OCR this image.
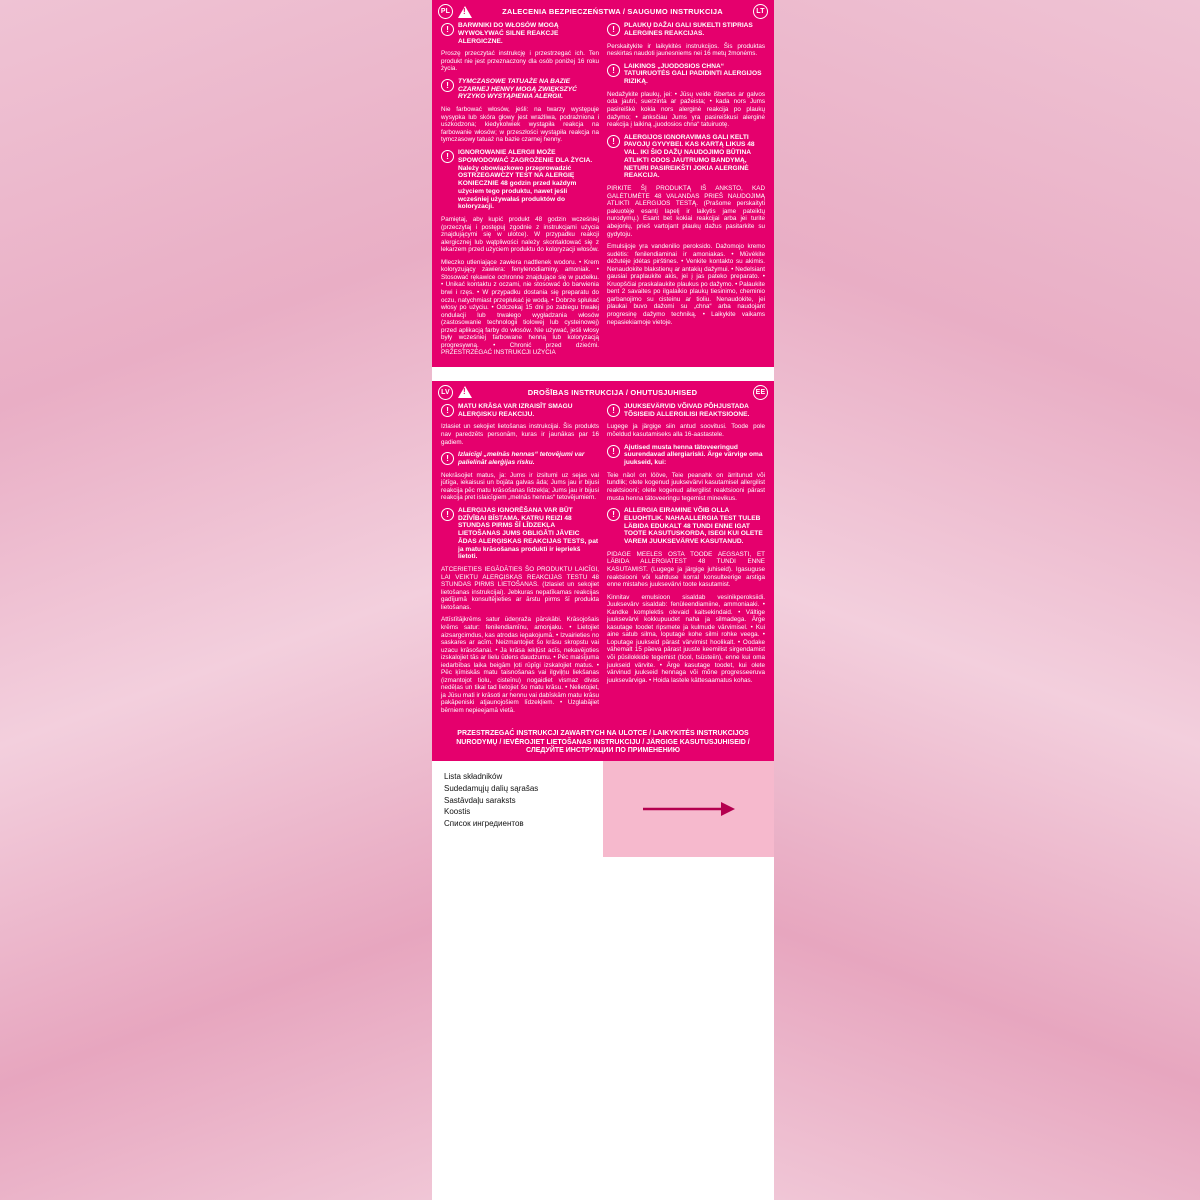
PL !	ZALECENIA BEZPIECZEŃSTWA / SAUGUMO INSTRUKCIJA	LT
!	BARWNIKI DO WŁOSÓW MOGĄ WYWOŁYWAĆ SILNE REAKCJE ALERGICZNE.
Proszę przeczytać instrukcję i przestrzegać ich. Ten produkt nie jest przeznaczony dla osób poniżej 16 roku życia.
!	TYMCZASOWE TATUAŻE NA BAZIE CZARNEJ HENNY MOGĄ ZWIĘKSZYĆ RYZYKO WYSTĄPIENIA ALERGII.
Nie farbować włosów, jeśli: na twarzy występuje wysypka lub skóra głowy jest wrażliwa, podrażniona i uszkodzona; kiedykolwiek wystąpiła reakcja na farbowanie włosów; w przeszłości wystąpiła reakcja na tymczasowy tatuaż na bazie czarnej henny.
!	IGNOROWANIE ALERGII MOŻE SPOWODOWAĆ ZAGROŻENIE DLA ŻYCIA. Należy obowiązkowo przeprowadzić OSTRZEGAWCZY TEST NA ALERGIĘ KONIECZNIE 48 godzin przed każdym użyciem tego produktu, nawet jeśli wcześniej używałaś produktów do koloryzacji.
Pamiętaj, aby kupić produkt 48 godzin wcześniej (przeczytaj i postępuj zgodnie z instrukcjami użycia znajdującymi się w ulotce). W przypadku reakcji alergicznej lub wątpliwości należy skontaktować się z lekarzem przed użyciem produktu do koloryzacji włosów.
Mleczko utleniające zawiera nadtlenek wodoru. • Krem koloryzujący zawiera: fenylenodiaminy, amoniak. • Stosować rękawice ochronne znajdujące się w pudełku. • Unikać kontaktu z oczami, nie stosować do barwienia brwi i rzęs. • W przypadku dostania się preparatu do oczu, natychmiast przepłukać je wodą. • Dobrze spłukać włosy po użyciu. • Odczekaj 15 dni po zabiegu trwałej ondulacji lub trwałego wygładzania włosów (zastosowanie technologii tiolowej lub cysteinowej) przed aplikacją farby do włosów. Nie używać, jeśli włosy były wcześniej farbowane henną lub koloryzacją progresywną. • Chronić przed dziećmi. PRZESTRZEGAĆ INSTRUKCJI UŻYCIA
!	PLAUKŲ DAŽAI GALI SUKELTI STIPRIAS ALERGINES REAKCIJAS.
Perskaitykite ir laikykitės instrukcijos. Šis produktas neskirtas naudoti jaunesniems nei 16 metų žmonėms.
!	LAIKINOS „JUODOSIOS CHNA“ TATUIRUOTĖS GALI PADIDINTI ALERGIJOS RIZIKĄ.
Nedažykite plaukų, jei: • Jūsų veide išbertas ar galvos oda jautri, suerzinta ar pažeista; • kada nors Jums pasireiškė kokia nors alerginė reakcija po plaukų dažymo; • anksčiau Jums yra pasireiškusi alerginė reakcija į laikiną „juodosios chna“ tatuiruotę.
!	ALERGIJOS IGNORAVIMAS GALI KELTI PAVOJŲ GYVYBEI. KAS KARTĄ LIKUS 48 VAL. IKI ŠIO DAŽŲ NAUDOJIMO BŪTINA ATLIKTI ODOS JAUTRUMO BANDYMĄ, NETURI PASIREIKŠTI JOKIA ALERGINĖ REAKCIJA.
PIRKITE ŠĮ PRODUKTĄ IŠ ANKSTO, KAD GALĖTUMĖTE 48 VALANDAS PRIEŠ NAUDOJIMĄ ATLIKTI ALERGIJOS TESTĄ. (Prašome perskaityti pakuotėje esantį lapelį ir laikytis jame pateiktų nurodymų.) Esant bet kokiai reakcijai arba jei turite abejonių, prieš vartojant plaukų dažus pasitarkite su gydytoju.
Emulsijoje yra vandenilio peroksido. Dažomojo kremo sudėtis: fenilendiaminai ir amoniakas. • Mūvėkite dėžutėje įdėtas pirštines. • Venkite kontakto su akimis. Nenaudokite blakstienų ar antakių dažymui. • Nedelsiant gausiai praplaukite akis, jei į jas pateko preparato. • Kruopščiai praskalaukite plaukus po dažymo. • Palaukite bent 2 savaites po ilgalaikio plaukų tiesinimo, cheminio garbanojimo su cisteinu ar tioliu. Nenaudokite, jei plaukai buvo dažomi su „chna“ arba naudojant progresinę dažymo techniką. • Laikykite vaikams nepasiekiamoje vietoje.
LV !	DROŠĪBAS INSTRUKCIJA / OHUTUSJUHISED	EE
!	MATU KRĀSA VAR IZRAISĪT SMAGU ALERĢISKU REAKCIJU.
Izlasiet un sekojiet lietošanas instrukcijai. Šis produkts nav paredzēts personām, kuras ir jaunākas par 16 gadiem.
!	Izlaicīgi „melnās hennas“ tetovējumi var palielināt alerģijas risku.
Nekrāsojiet matus, ja: Jums ir izsitumi uz sejas vai jūtīga, iekaisusi un bojāta galvas āda; Jums jau ir bijusi reakcija pēc matu krāsošanas līdzekļa; Jums jau ir bijusi reakcija pret islaicīgiem „melnās hennas“ tetovējumiem.
!	ALERĢIJAS IGNORĒŠANA VAR BŪT DZĪVĪBAI BĪSTAMA. KATRU REIZI 48 STUNDAS PIRMS ŠĪ LĪDZEKĻA LIETOŠANAS JUMS OBLIGĀTI JĀVEIC ĀDAS ALERĢISKAS REAKCIJAS TESTS, pat ja matu krāsošanas produkti ir iepriekš lietoti.
ATCERIETIES IEGĀDĀTIES ŠO PRODUKTU LAICĪGI, LAI VEIKTU ALERĢISKAS REAKCIJAS TESTU 48 STUNDAS PIRMS LIETOŠANAS. (Izlasiet un sekojiet lietošanas instrukcijai). Jebkuras nepatīkamas reakcijas gadījumā konsultējieties ar ārstu pirms šī produkta lietošanas.
Attīstītājkrēms satur ūdeņraža pārskābi. Krāsojošais krēms satur: fenilendiamīnu, amonjaku. • Lietojiet aizsargcimdus, kas atrodas iepakojumā. • Izvairieties no saskares ar acīm. Neizmantojiet šo krāsu skropstu vai uzacu krāsošanai. • Ja krāsa iekļūst acīs, nekavējoties izskalojiet tās ar lielu ūdens daudzumu. • Pēc maisījuma iedarbības laika beigām ļoti rūpīgi izskalojiet matus. • Pēc ķīmiskās matu taisnošanas vai ilgviļņu liekšanas (izmantojot tiolu, cisteīnu) nogaidiet vismaz divas nedēļas un tikai tad lietojiet šo matu krāsu. • Nelietojiet, ja Jūsu mati ir krāsoti ar hennu vai dabīskām matu krāsu pakāpeniski atjaunojošiem līdzekļiem. • Uzglabājiet bērniem nepieejamā vietā.
!	JUUKSEVÄRVID VÕIVAD PÕHJUSTADA TÕSISEID ALLERGILISI REAKTSIOONE.
Lugege ja järgige siin antud soovitusi. Toode pole mõeldud kasutamiseks alla 16-aastastele.
!	Ajutised musta henna tätoveeringud suurendavad allergiariski. Ärge värvige oma juukseid, kui:
Teie näol on lööve, Teie peanahk on ärritunud või tundlik; olete kogenud juuksevärvi kasutamisel allergilist reaktsiooni; olete kogenud allergilist reaktsiooni pärast musta henna tätoveeringu tegemist minevikus.
!	ALLERGIA EIRAMINE VÕIB OLLA ELUOHTLIK. NAHAALLERGIA TEST TULEB LÄBIDA EDUKALT 48 TUNDI ENNE IGAT TOOTE KASUTUSKORDA, ISEGI KUI OLETE VAREM JUUKSEVÄRVE KASUTANUD.
PIDAGE MEELES OSTA TOODE AEGSASTI, ET LÄBIDA ALLERGIATEST 48 TUNDI ENNE KASUTAMIST. (Lugege ja järgige juhiseid). Igasuguse reaktsiooni või kahtluse korral konsulteerige arstiga enne mistahes juuksevärvi toote kasutamist.
Kinnitav emulsioon sisaldab vesinikperoksiidi. Juuksevärv sisaldab: fenüleendiamiine, ammoniaaki. • Kandke komplektis olevaid kaitsekindaid. • Vältige juuksevärvi kokkupuudet naha ja silmadega. Ärge kasutage toodet ripsmete ja kulmude värvimisel. • Kui aine satub silma, loputage kohe silmi rohke veega. • Loputage juukseid pärast värvimist hoolikalt. • Oodake vähemalt 15 päeva pärast juuste keemilist sirgendamist või püsilokkide tegemist (tiool, tsüsteiin), enne kui oma juukseid värvite. • Ärge kasutage toodet, kui olete värvinud juukseid hennaga või mõne progresseeruva juuksevärviga. • Hoida lastele kättesaamatus kohas.
PRZESTRZEGAĆ INSTRUKCJI ZAWARTYCH NA ULOTCE / LAIKYKITĖS INSTRUKCIJOS NURODYMŲ / IEVĒROJIET LIETOŠANAS INSTRUKCIJU / JÄRGIGE KASUTUSJUHISEID / СЛЕДУЙТЕ ИНСТРУКЦИИ ПО ПРИМЕНЕНИЮ
Lista składników
Sudedamųjų dalių sąrašas
Sastāvdaļu saraksts
Koostis
Список ингредиентов
